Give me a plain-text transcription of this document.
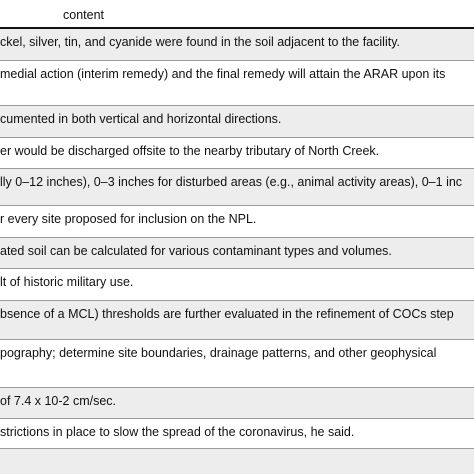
content
ckel, silver, tin, and cyanide were found in the soil adjacent to the facility.
medial action (interim remedy) and the final remedy will attain the ARAR upon its
cumented in both vertical and horizontal directions.
er would be discharged offsite to the nearby tributary of North Creek.
lly 0–12 inches), 0–3 inches for disturbed areas (e.g., animal activity areas), 0–1 inc
r every site proposed for inclusion on the NPL.
ated soil can be calculated for various contaminant types and volumes.
lt of historic military use.
bsence of a MCL) thresholds are further evaluated in the refinement of COCs step
pography; determine site boundaries, drainage patterns, and other geophysical
of 7.4 x 10-2 cm/sec.
strictions in place to slow the spread of the coronavirus, he said.
